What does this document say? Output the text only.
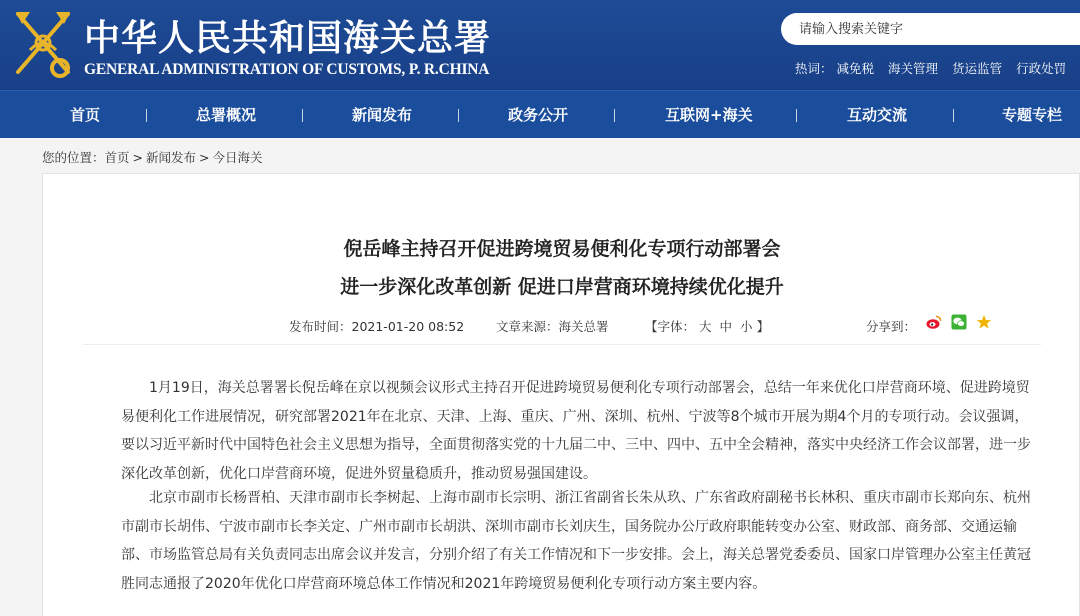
中华人民共和国海关总署
GENERAL ADMINISTRATION OF CUSTOMS, P. R.CHINA
请输入搜索关键字	热词： 减免税 海关管理 货运监管 行政处罚
首页	总署概况	新闻发布	政务公开	互联网+海关	互动交流	专题专栏
您的位置：首页 > 新闻发布 > 今日海关
倪岳峰主持召开促进跨境贸易便利化专项行动部署会
进一步深化改革创新 促进口岸营商环境持续优化提升
发布时间：2021-01-20 08:52	文章来源：海关总署	【字体： 大 中 小 】	分享到：

1月19日，海关总署署长倪岳峰在京以视频会议形式主持召开促进跨境贸易便利化专项行动部署会，总结一年来优化口岸营商环境、促进跨境贸易便利化工作进展情况，研究部署2021年在北京、天津、上海、重庆、广州、深圳、杭州、宁波等8个城市开展为期4个月的专项行动。会议强调，要以习近平新时代中国特色社会主义思想为指导，全面贯彻落实党的十九届二中、三中、四中、五中全会精神，落实中央经济工作会议部署，进一步深化改革创新，优化口岸营商环境，促进外贸量稳质升，推动贸易强国建设。

北京市副市长杨晋柏、天津市副市长李树起、上海市副市长宗明、浙江省副省长朱从玖、广东省政府副秘书长林积、重庆市副市长郑向东、杭州市副市长胡伟、宁波市副市长李关定、广州市副市长胡洪、深圳市副市长刘庆生，国务院办公厅政府职能转变办公室、财政部、商务部、交通运输部、市场监管总局有关负责同志出席会议并发言，分别介绍了有关工作情况和下一步安排。会上，海关总署党委委员、国家口岸管理办公室主任黄冠胜同志通报了2020年优化口岸营商环境总体工作情况和2021年跨境贸易便利化专项行动方案主要内容。
